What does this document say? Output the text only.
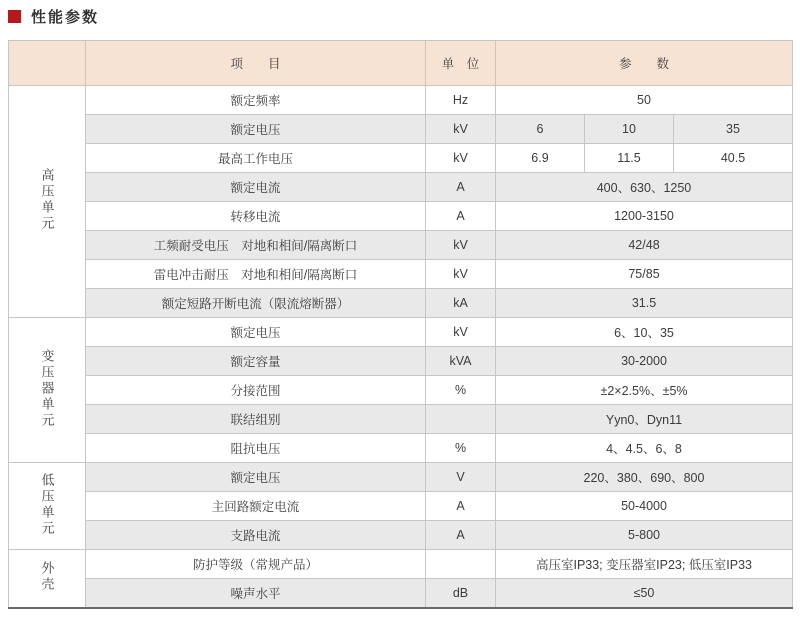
性能参数
	项　　目	单　位	参　　数		
高压单元	额定频率	Hz	50		
	额定电压	kV	6	10	35
	最高工作电压	kV	6.9	11.5	40.5
	额定电流	A	400、630、1250		
	转移电流	A	1200-3150		
	工频耐受电压　对地和相间/隔离断口	kV	42/48		
	雷电冲击耐压　对地和相间/隔离断口	kV	75/85		
	额定短路开断电流（限流熔断器）	kA	31.5		
变压器单元	额定电压	kV	6、10、35		
	额定容量	kVA	30-2000		
	分接范围	%	±2×2.5%、±5%		
	联结组别		Yyn0、Dyn11		
	阻抗电压	%	4、4.5、6、8		
低压单元	额定电压	V	220、380、690、800		
	主回路额定电流	A	50-4000		
	支路电流	A	5-800		
外壳	防护等级（常规产品）		高压室IP33; 变压器室IP23; 低压室IP33		
	噪声水平	dB	≤50		
